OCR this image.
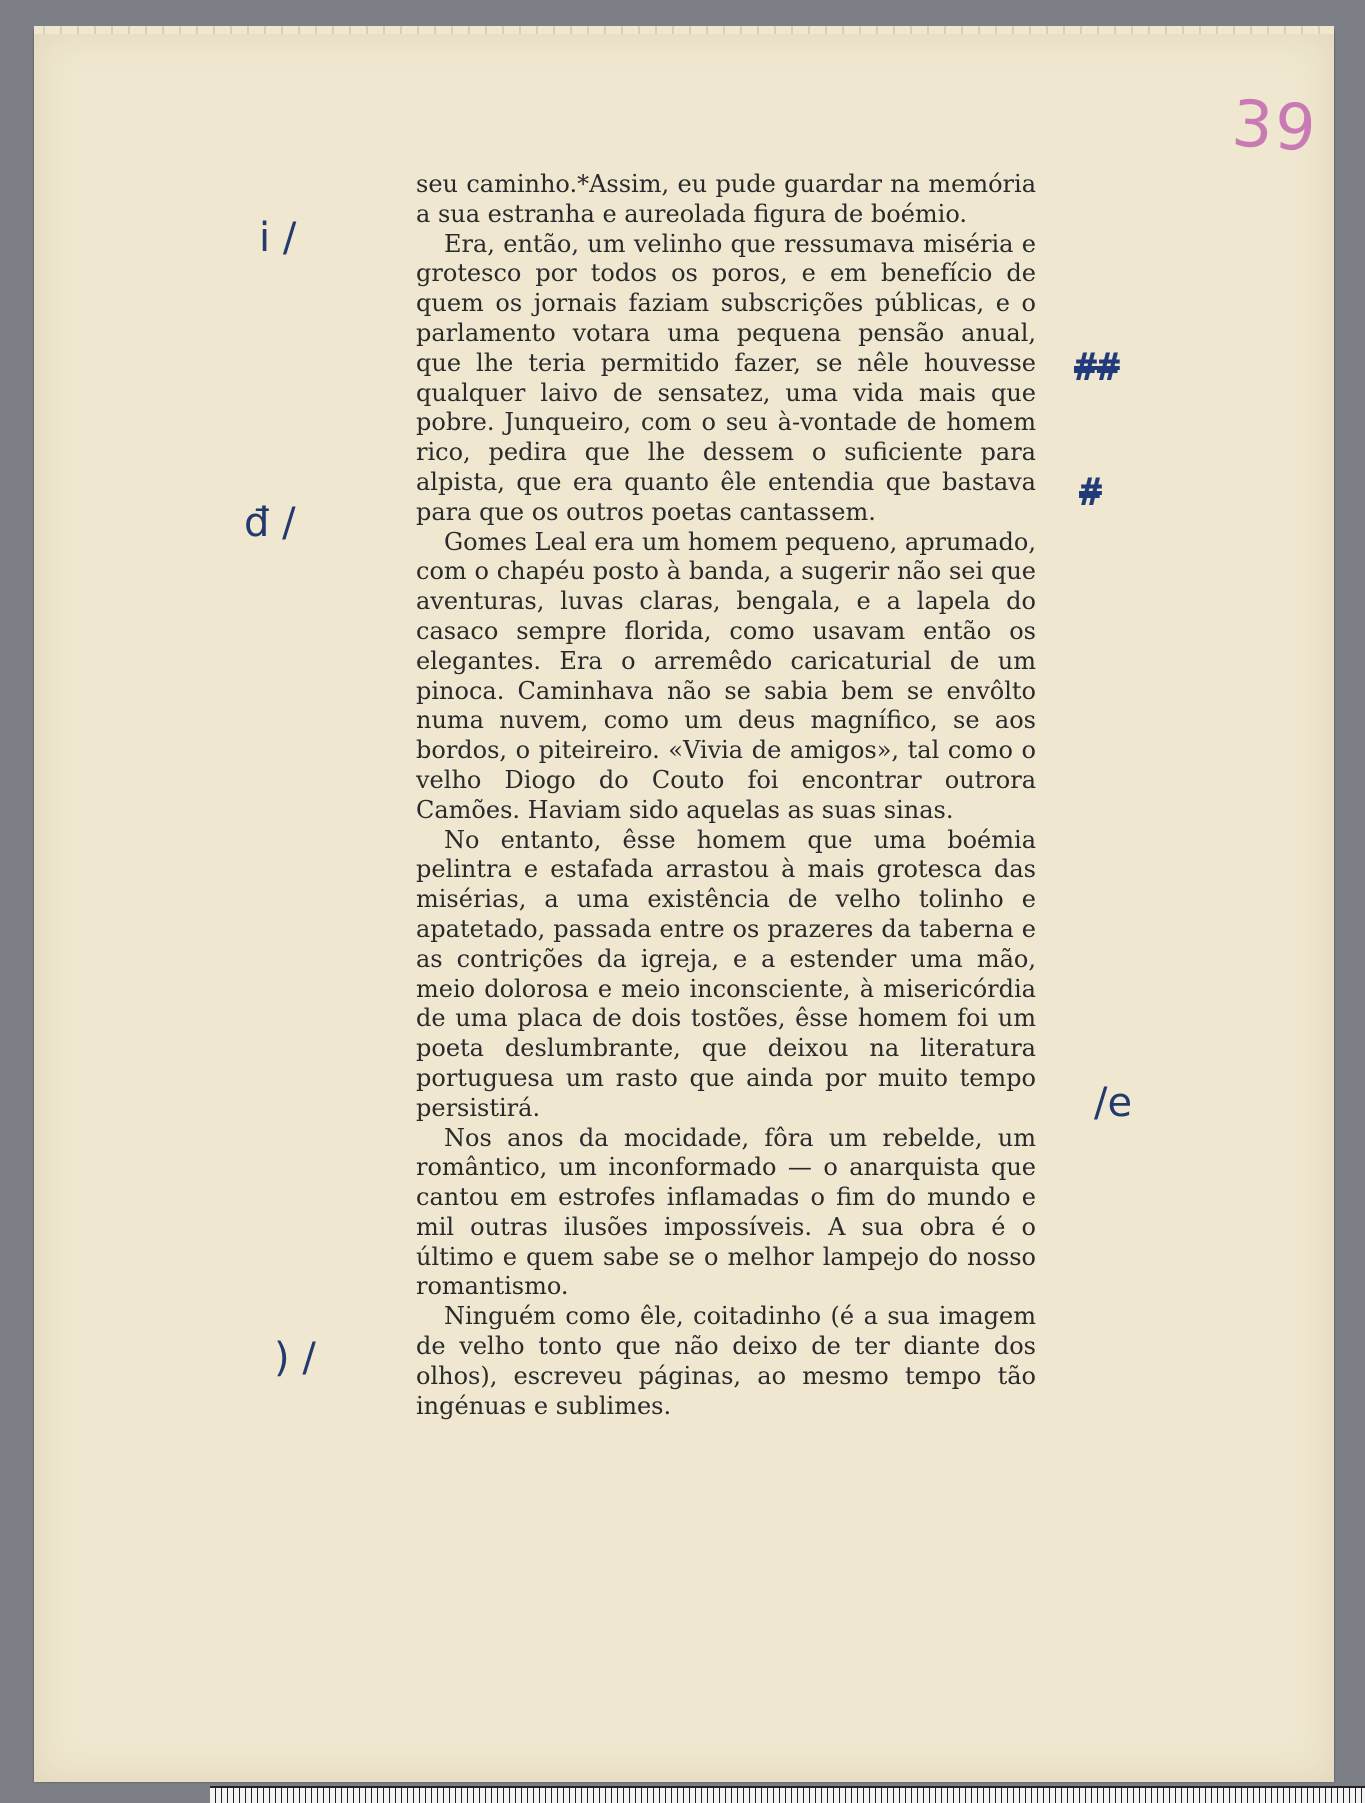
39
i /
đ /
) /
/e
##
#

seu caminho.*Assim, eu pude guardar na memória a sua estranha e aureolada figura de boémio.

Era, então, um velinho que ressumava miséria e grotesco por todos os poros, e em benefício de quem os jornais faziam subscrições públicas, e o parlamento votara uma pequena pensão anual, que lhe teria permitido fazer, se nêle houvesse qualquer laivo de sensatez, uma vida mais que pobre. Junqueiro, com o seu à-vontade de homem rico, pedira que lhe dessem o suficiente para alpista, que era quanto êle entendia que bastava para que os outros poetas cantassem.

Gomes Leal era um homem pequeno, aprumado, com o chapéu posto à banda, a sugerir não sei que aventuras, luvas claras, bengala, e a lapela do casaco sempre florida, como usavam então os elegantes. Era o arremêdo caricaturial de um pinoca. Caminhava não se sabia bem se envôlto numa nuvem, como um deus magnífico, se aos bordos, o piteireiro. «Vivia de amigos», tal como o velho Diogo do Couto foi encontrar outrora Camões. Haviam sido aquelas as suas sinas.

No entanto, êsse homem que uma boémia pelintra e estafada arrastou à mais grotesca das misérias, a uma existência de velho tolinho e apatetado, passada entre os prazeres da taberna e as contrições da igreja, e a estender uma mão, meio dolorosa e meio inconsciente, à misericórdia de uma placa de dois tostões, êsse homem foi um poeta deslumbrante, que deixou na literatura portuguesa um rasto que ainda por muito tempo persistirá.

Nos anos da mocidade, fôra um rebelde, um romântico, um inconformado — o anarquista que cantou em estrofes inflamadas o fim do mundo e mil outras ilusões impossíveis. A sua obra é o último e quem sabe se o melhor lampejo do nosso romantismo.

Ninguém como êle, coitadinho (é a sua imagem de velho tonto que não deixo de ter diante dos olhos), escreveu páginas, ao mesmo tempo tão ingénuas e sublimes.
